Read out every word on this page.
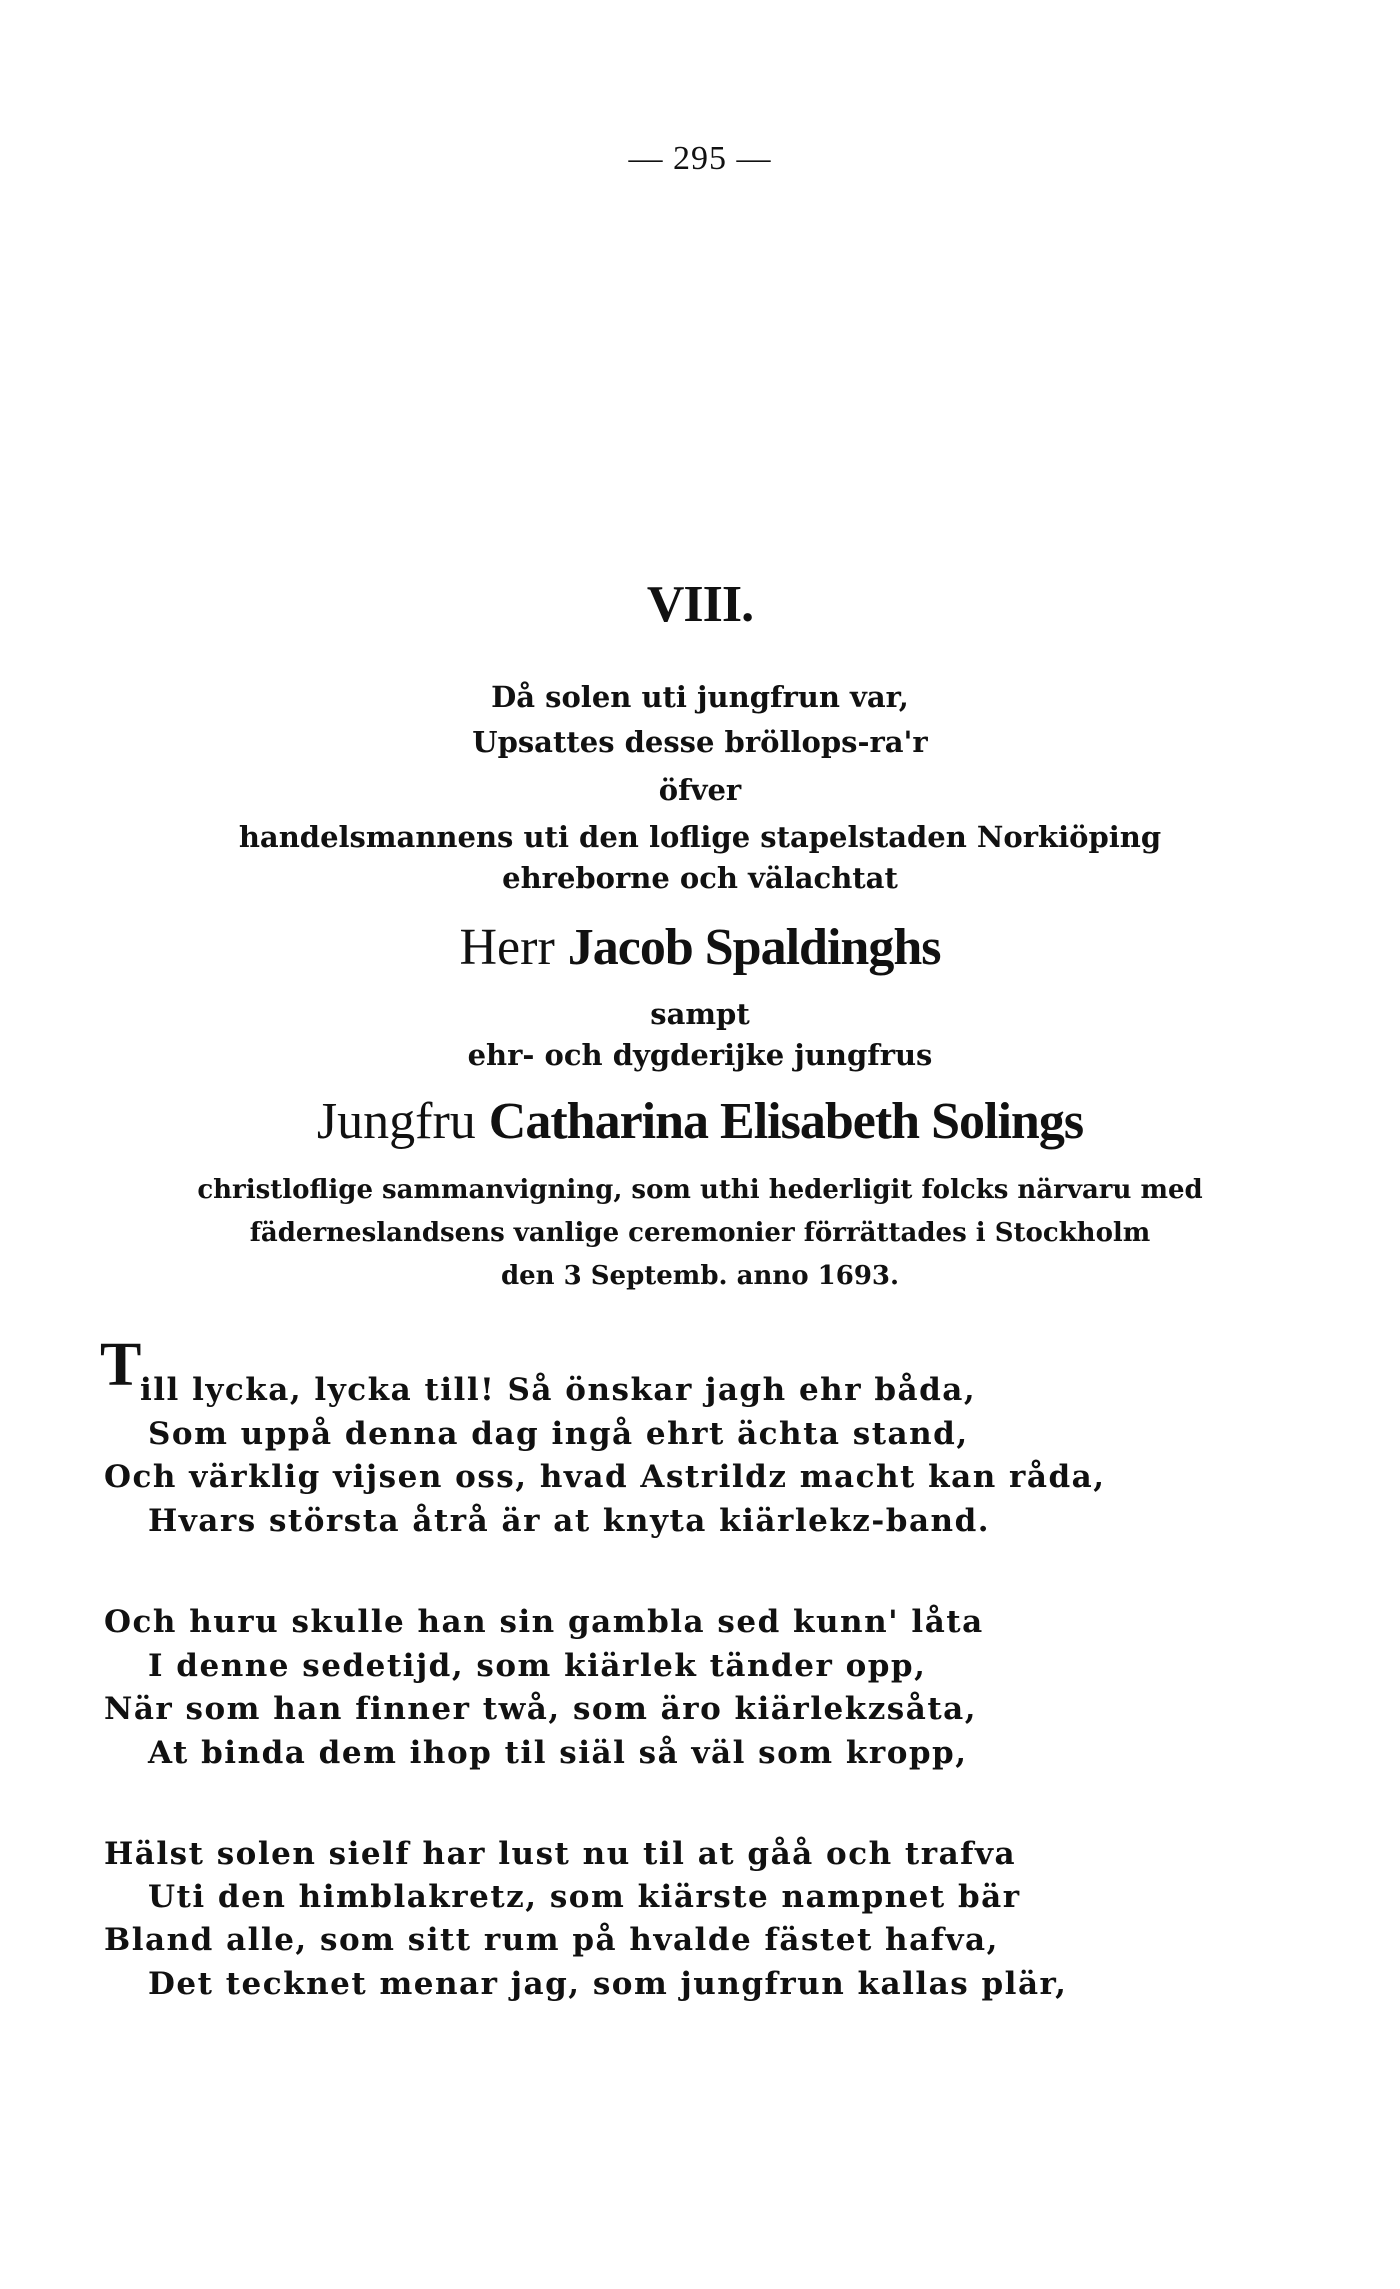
— 295 —
VIII.
Då solen uti jungfrun var,
Upsattes desse bröllops-ra'r
öfver
handelsmannens uti den loflige stapelstaden Norkiöping
ehreborne och välachtat
Herr Jacob Spaldinghs
sampt
ehr- och dygderijke jungfrus
Jungfru Catharina Elisabeth Solings
christloflige sammanvigning, som uthi hederligit folcks närvaru med
fäderneslandsens vanlige ceremonier förrättades i Stockholm
den 3 Septemb. anno 1693.
T
ill lycka, lycka till! Så önskar jagh ehr båda,
Som uppå denna dag ingå ehrt ächta stand,
Och värklig vijsen oss, hvad Astrildz macht kan råda,
Hvars största åtrå är at knyta kiärlekz-band.
Och huru skulle han sin gambla sed kunn' låta
I denne sedetijd, som kiärlek tänder opp,
När som han finner twå, som äro kiärlekzsåta,
At binda dem ihop til siäl så väl som kropp,
Hälst solen sielf har lust nu til at gåå och trafva
Uti den himblakretz, som kiärste nampnet bär
Bland alle, som sitt rum på hvalde fästet hafva,
Det tecknet menar jag, som jungfrun kallas plär,
